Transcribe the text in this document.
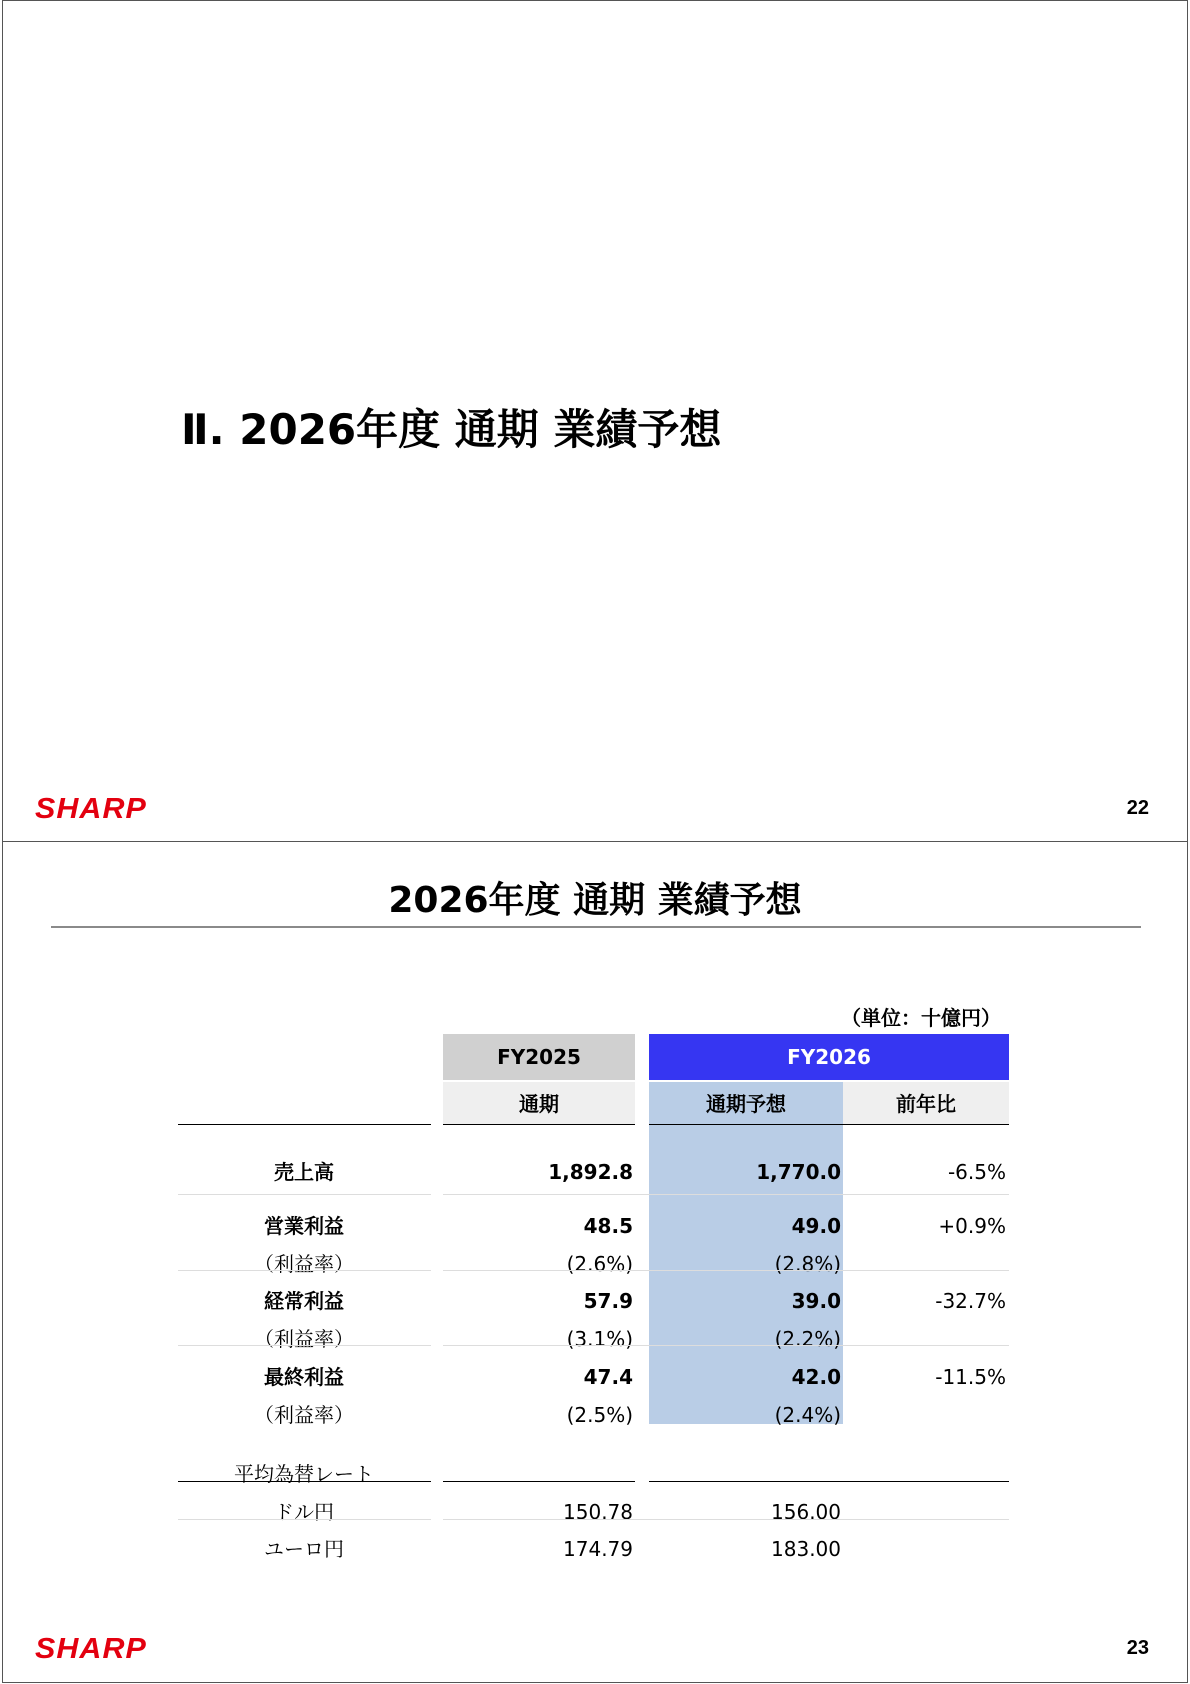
Ⅱ. 2026年度 通期 業績予想
SHARP	22
2026年度 通期 業績予想
（単位：十億円）
FY2025	FY2026
通期	通期予想	前年比
売上高	1,892.8	1,770.0	-6.5%
営業利益	48.5	49.0	+0.9%
（利益率）	(2.6%)	(2.8%)
経常利益	57.9	39.0	-32.7%
（利益率）	(3.1%)	(2.2%)
最終利益	47.4	42.0	-11.5%
（利益率）	(2.5%)	(2.4%)
平均為替レート
ドル円	150.78	156.00
ユーロ円	174.79	183.00
SHARP	23
